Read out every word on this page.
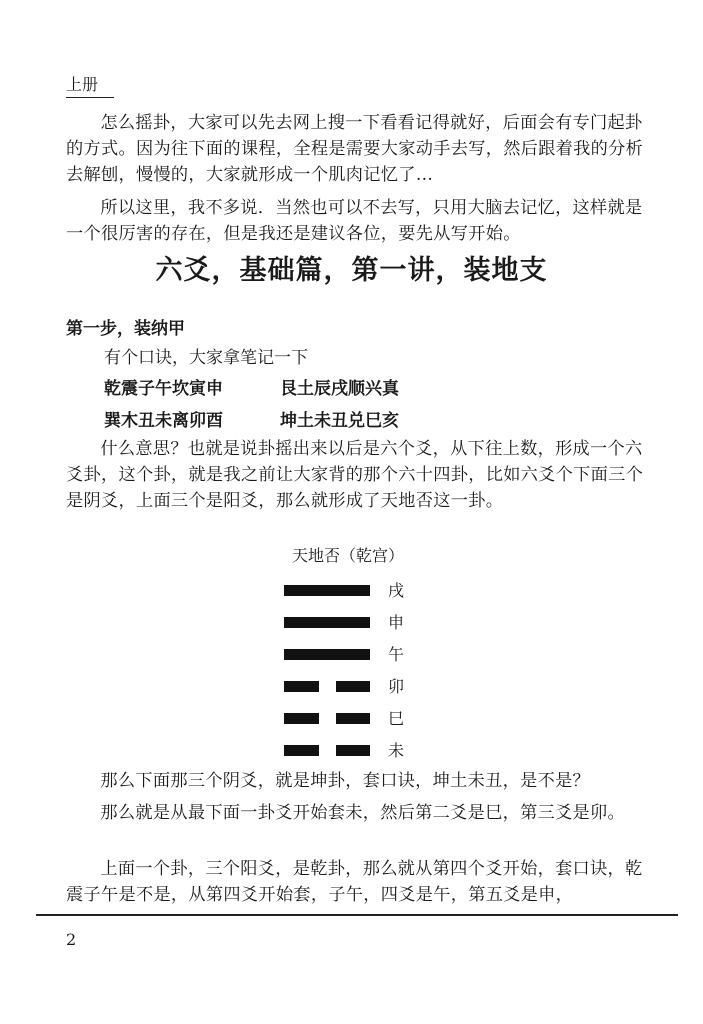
上册

怎么摇卦，大家可以先去网上搜一下看看记得就好，后面会有专门起卦的方式。因为往下面的课程，全程是需要大家动手去写，然后跟着我的分析去解刨，慢慢的，大家就形成一个肌肉记忆了…

所以这里，我不多说．当然也可以不去写，只用大脑去记忆，这样就是一个很厉害的存在，但是我还是建议各位，要先从写开始。

六爻，基础篇，第一讲，装地支
第一步，装纳甲
有个口诀，大家拿笔记一下
乾震子午坎寅申	艮土辰戌顺兴真
巽木丑未离卯酉	坤土未丑兑巳亥

什么意思？也就是说卦摇出来以后是六个爻，从下往上数，形成一个六爻卦，这个卦，就是我之前让大家背的那个六十四卦，比如六爻个下面三个是阴爻，上面三个是阳爻，那么就形成了天地否这一卦。

天地否（乾宫）
戌
申
午
卯
巳
未

那么下面那三个阴爻，就是坤卦，套口诀，坤土未丑，是不是？

那么就是从最下面一卦爻开始套未，然后第二爻是巳，第三爻是卯。

上面一个卦，三个阳爻，是乾卦，那么就从第四个爻开始，套口诀，乾震子午是不是，从第四爻开始套，子午，四爻是午，第五爻是申，

2
